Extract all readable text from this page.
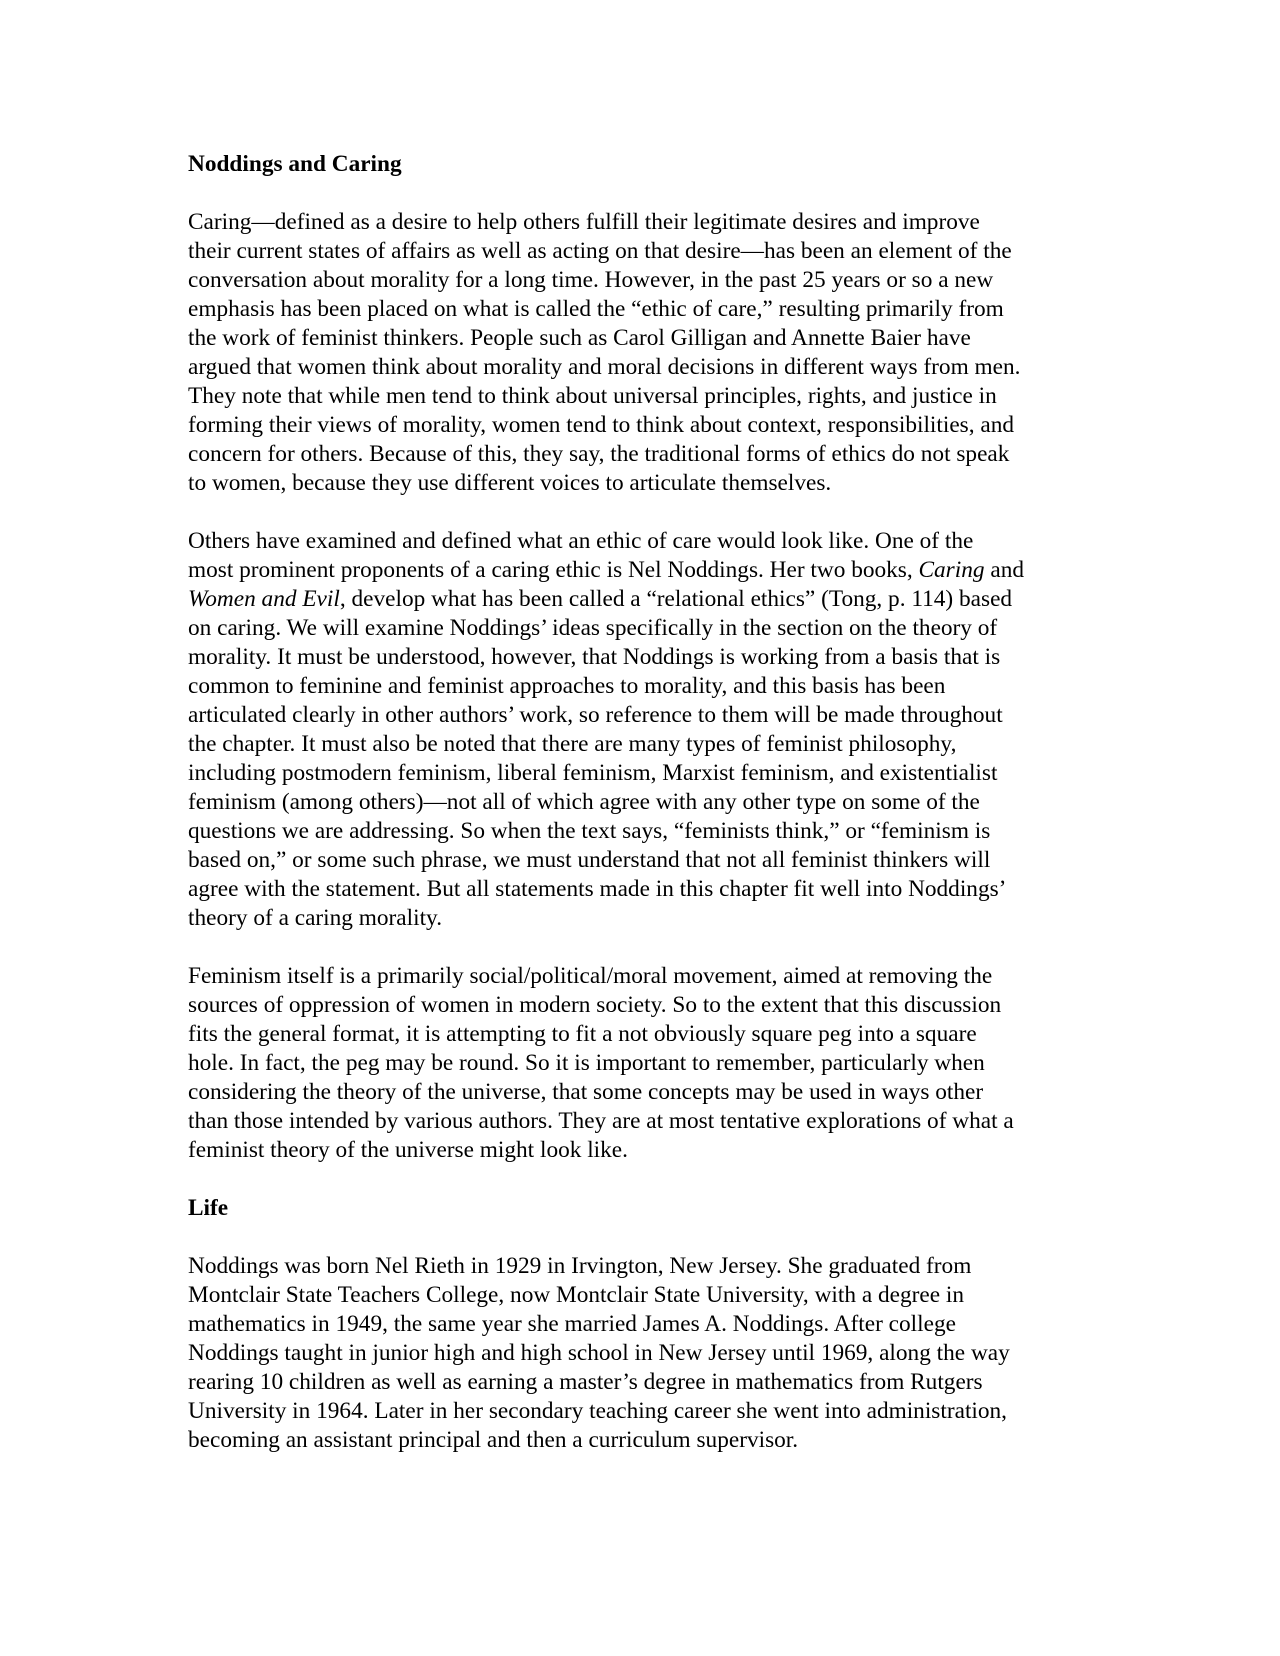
Noddings and Caring
Caring—defined as a desire to help others fulfill their legitimate desires and improve
their current states of affairs as well as acting on that desire—has been an element of the
conversation about morality for a long time. However, in the past 25 years or so a new
emphasis has been placed on what is called the “ethic of care,” resulting primarily from
the work of feminist thinkers. People such as Carol Gilligan and Annette Baier have
argued that women think about morality and moral decisions in different ways from men.
They note that while men tend to think about universal principles, rights, and justice in
forming their views of morality, women tend to think about context, responsibilities, and
concern for others. Because of this, they say, the traditional forms of ethics do not speak
to women, because they use different voices to articulate themselves.
Others have examined and defined what an ethic of care would look like. One of the
most prominent proponents of a caring ethic is Nel Noddings. Her two books, Caring and
Women and Evil, develop what has been called a “relational ethics” (Tong, p. 114) based
on caring. We will examine Noddings’ ideas specifically in the section on the theory of
morality. It must be understood, however, that Noddings is working from a basis that is
common to feminine and feminist approaches to morality, and this basis has been
articulated clearly in other authors’ work, so reference to them will be made throughout
the chapter. It must also be noted that there are many types of feminist philosophy,
including postmodern feminism, liberal feminism, Marxist feminism, and existentialist
feminism (among others)—not all of which agree with any other type on some of the
questions we are addressing. So when the text says, “feminists think,” or “feminism is
based on,” or some such phrase, we must understand that not all feminist thinkers will
agree with the statement. But all statements made in this chapter fit well into Noddings’
theory of a caring morality.
Feminism itself is a primarily social/political/moral movement, aimed at removing the
sources of oppression of women in modern society. So to the extent that this discussion
fits the general format, it is attempting to fit a not obviously square peg into a square
hole. In fact, the peg may be round. So it is important to remember, particularly when
considering the theory of the universe, that some concepts may be used in ways other
than those intended by various authors. They are at most tentative explorations of what a
feminist theory of the universe might look like.
Life
Noddings was born Nel Rieth in 1929 in Irvington, New Jersey. She graduated from
Montclair State Teachers College, now Montclair State University, with a degree in
mathematics in 1949, the same year she married James A. Noddings. After college
Noddings taught in junior high and high school in New Jersey until 1969, along the way
rearing 10 children as well as earning a master’s degree in mathematics from Rutgers
University in 1964. Later in her secondary teaching career she went into administration,
becoming an assistant principal and then a curriculum supervisor.
